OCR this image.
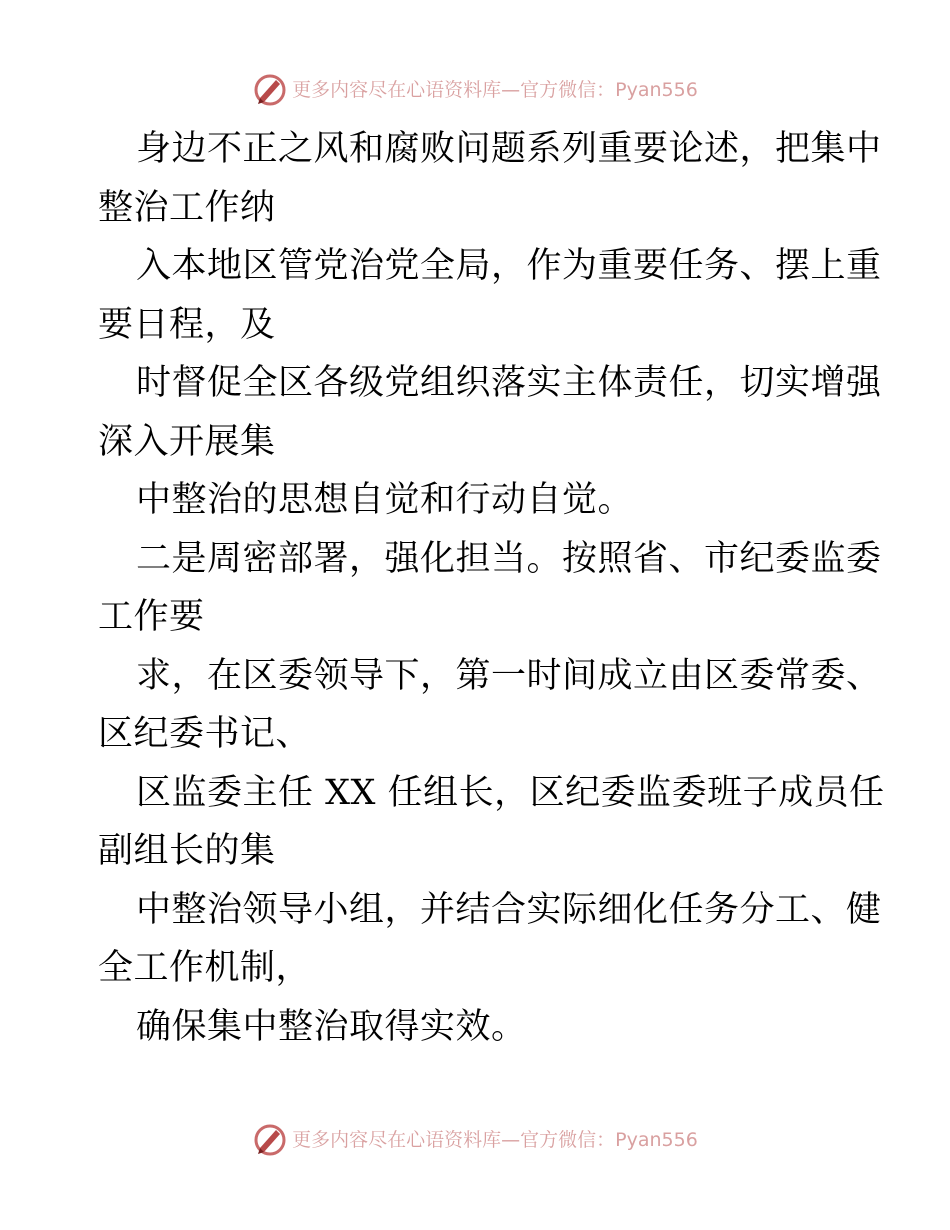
更多内容尽在心语资料库—官方微信：Pyan556
身边不正之风和腐败问题系列重要论述，把集中
整治工作纳
入本地区管党治党全局，作为重要任务、摆上重
要日程，及
时督促全区各级党组织落实主体责任，切实增强
深入开展集
中整治的思想自觉和行动自觉。
二是周密部署，强化担当。按照省、市纪委监委
工作要
求，在区委领导下，第一时间成立由区委常委、
区纪委书记、
区监委主任 XX 任组长，区纪委监委班子成员任
副组长的集
中整治领导小组，并结合实际细化任务分工、健
全工作机制，
确保集中整治取得实效。
更多内容尽在心语资料库—官方微信：Pyan556
